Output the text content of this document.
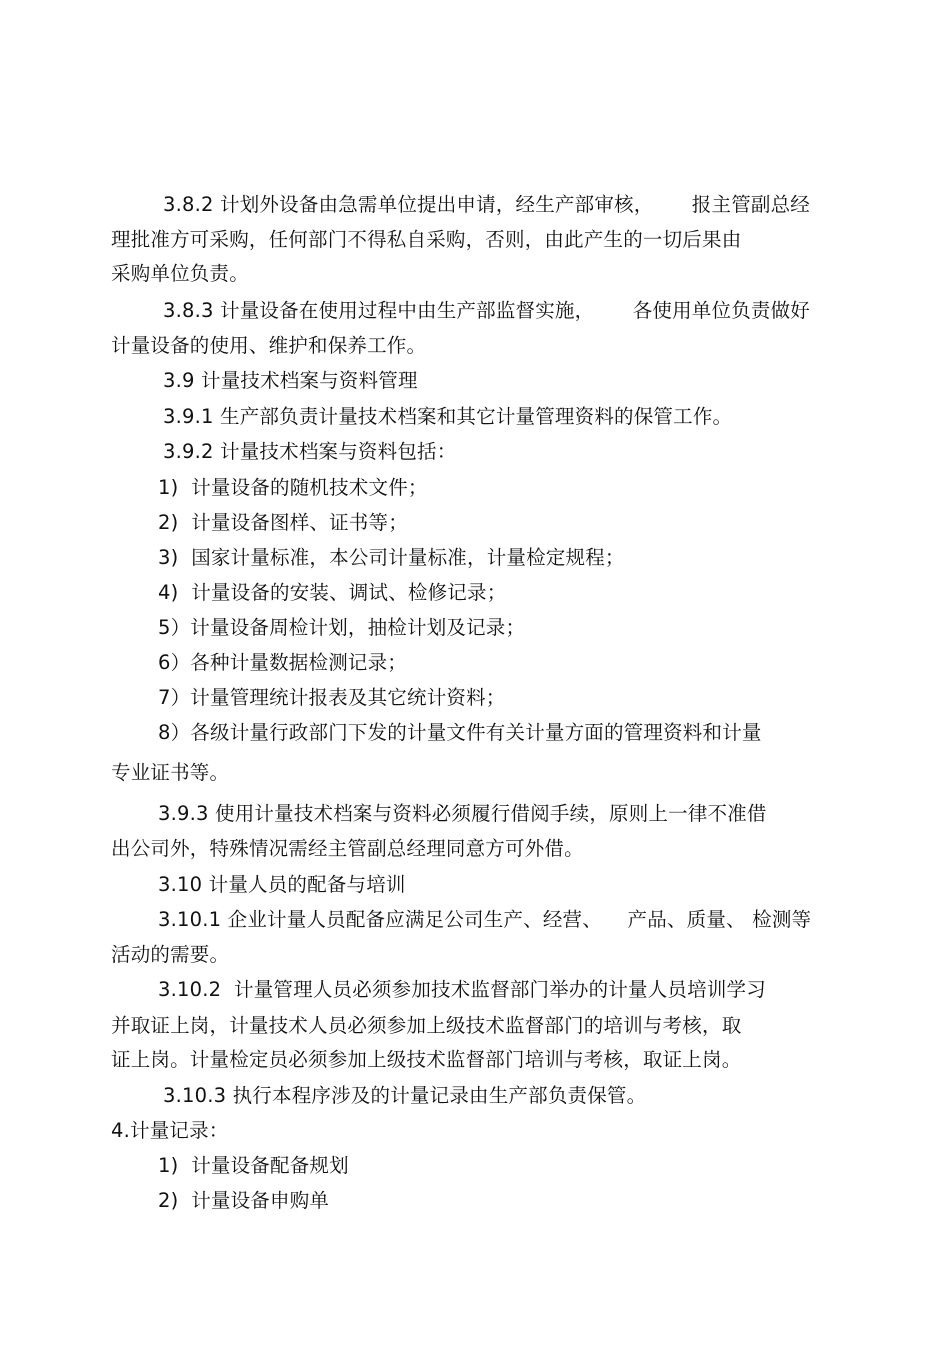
3.8.2 计划外设备由急需单位提出申请，经生产部审核，      报主管副总经
理批准方可采购，任何部门不得私自采购，否则，由此产生的一切后果由
采购单位负责。
3.8.3 计量设备在使用过程中由生产部监督实施，      各使用单位负责做好
计量设备的使用、维护和保养工作。
3.9 计量技术档案与资料管理
3.9.1 生产部负责计量技术档案和其它计量管理资料的保管工作。
3.9.2 计量技术档案与资料包括：
1)  计量设备的随机技术文件；
2)  计量设备图样、证书等；
3)  国家计量标准，本公司计量标准，计量检定规程；
4)  计量设备的安装、调试、检修记录；
5）计量设备周检计划，抽检计划及记录；
6）各种计量数据检测记录；
7）计量管理统计报表及其它统计资料；
8）各级计量行政部门下发的计量文件有关计量方面的管理资料和计量
专业证书等。
3.9.3 使用计量技术档案与资料必须履行借阅手续，原则上一律不准借
出公司外，特殊情况需经主管副总经理同意方可外借。
3.10 计量人员的配备与培训
3.10.1 企业计量人员配备应满足公司生产、经营、    产品、质量、 检测等
活动的需要。
3.10.2  计量管理人员必须参加技术监督部门举办的计量人员培训学习
并取证上岗，计量技术人员必须参加上级技术监督部门的培训与考核，取
证上岗。计量检定员必须参加上级技术监督部门培训与考核，取证上岗。
3.10.3 执行本程序涉及的计量记录由生产部负责保管。
4.计量记录：
1)  计量设备配备规划
2)  计量设备申购单
